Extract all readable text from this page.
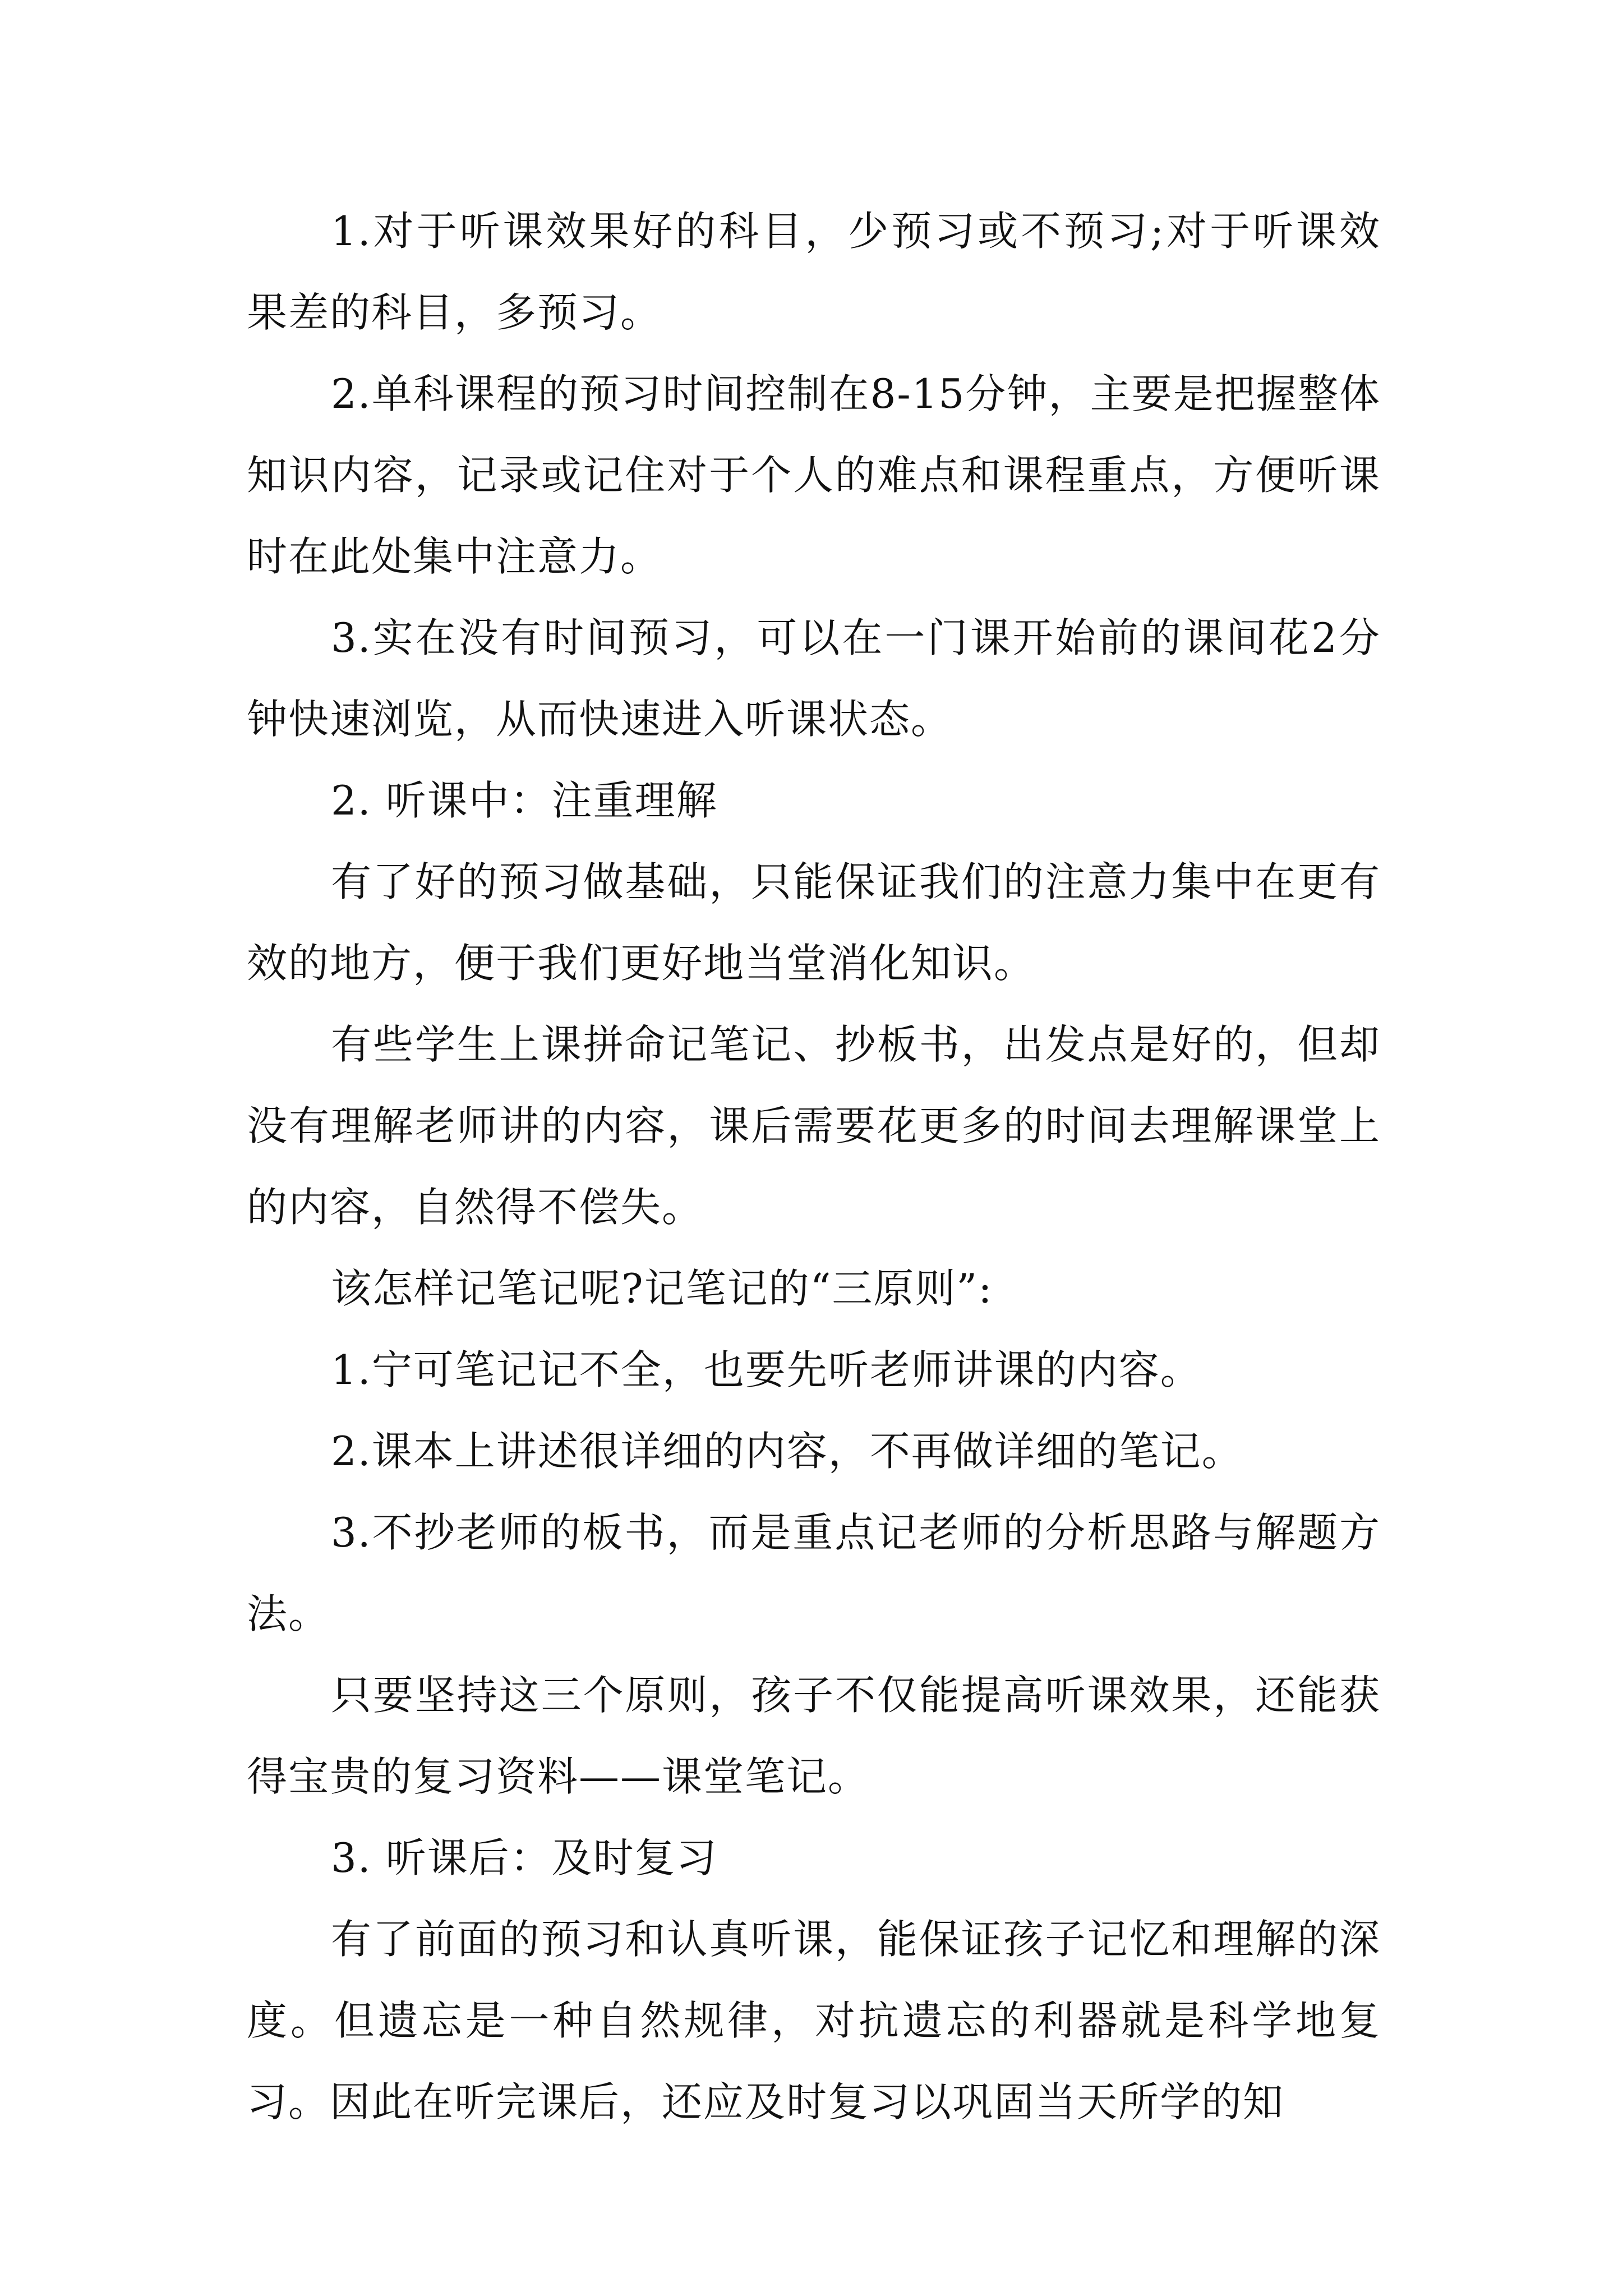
1.对于听课效果好的科目，少预习或不预习;对于听课效果差的科目，多预习。

2.单科课程的预习时间控制在8-15分钟，主要是把握整体知识内容，记录或记住对于个人的难点和课程重点，方便听课时在此处集中注意力。

3.实在没有时间预习，可以在一门课开始前的课间花2分钟快速浏览，从而快速进入听课状态。

2. 听课中：注重理解

有了好的预习做基础，只能保证我们的注意力集中在更有效的地方，便于我们更好地当堂消化知识。

有些学生上课拼命记笔记、抄板书，出发点是好的，但却没有理解老师讲的内容，课后需要花更多的时间去理解课堂上的内容，自然得不偿失。

该怎样记笔记呢?记笔记的“三原则”:

1.宁可笔记记不全，也要先听老师讲课的内容。

2.课本上讲述很详细的内容，不再做详细的笔记。

3.不抄老师的板书，而是重点记老师的分析思路与解题方法。

只要坚持这三个原则，孩子不仅能提高听课效果，还能获得宝贵的复习资料——课堂笔记。

3. 听课后：及时复习

有了前面的预习和认真听课，能保证孩子记忆和理解的深度。但遗忘是一种自然规律，对抗遗忘的利器就是科学地复习。因此在听完课后，还应及时复习以巩固当天所学的知
